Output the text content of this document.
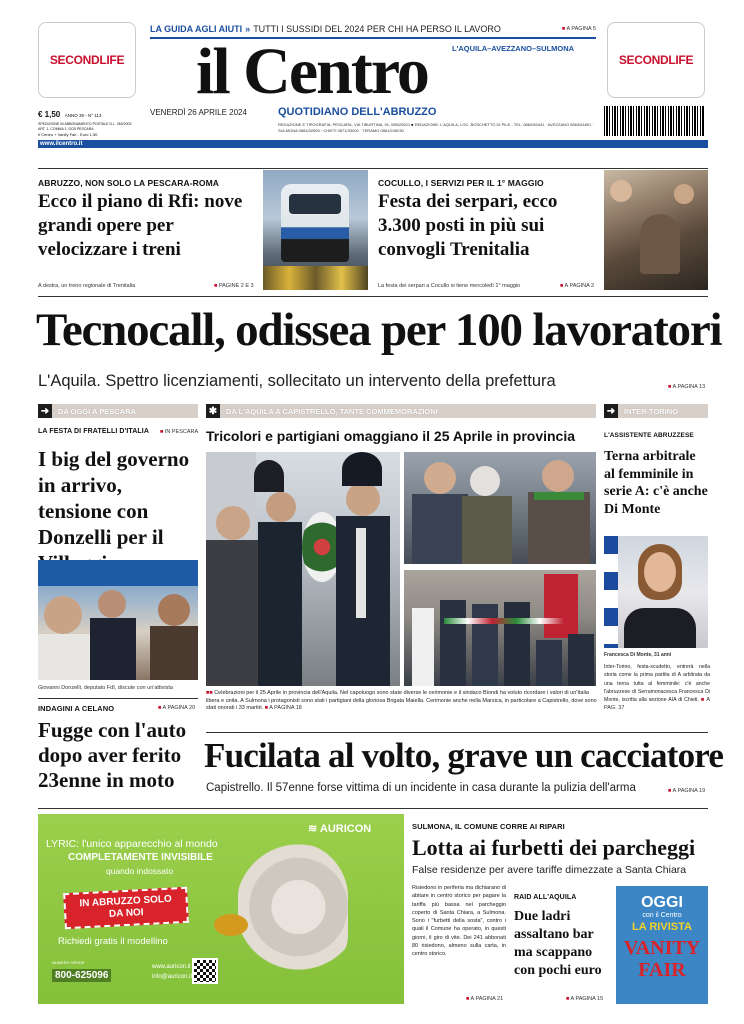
SECONDLIFE	SECONDLIFE
LA GUIDA AGLI AIUTI » TUTTI I SUSSIDI DEL 2024 PER CHI HA PERSO IL LAVORO	■ A PAGINA 5
il Centro	L'AQUILA–AVEZZANO–SULMONA
VENERDÌ 26 APRILE 2024	QUOTIDIANO DELL'ABRUZZO
REDAZIONE E TIPOGRAFIA: PESCARA, VIA TIBURTINA, 91, 085/20521 ■ REDAZIONE: L'AQUILA, LOC. BOSCHETTO DI PILE - TEL. 0862/60441 · AVEZZANO 0863/44801 · SULMONA 0864/32500 · CHIETI 0871/33200 · TERAMO 0861/245230
€ 1,50 ANNO 39 - N° 113
SPEDIZIONE IN ABBONAMENTO POSTALE D.L. 353/2003
ART. 1, COMMA 1, DCB PESCARA
Il Centro + Vanity Fair - Euro 1,50
www.ilcentro.it
ABRUZZO, NON SOLO LA PESCARA-ROMA
Ecco il piano di Rfi: nove grandi opere per velocizzare i treni
A destra, un treno regionale di Trenitalia	■ PAGINE 2 E 3
COCULLO, I SERVIZI PER IL 1° MAGGIO
Festa dei serpari, ecco 3.300 posti in più sui convogli Trenitalia
La festa dei serpari a Cocullo si tiene mercoledì 1° maggio	■ A PAGINA 2
Tecnocall, odissea per 100 lavoratori
L'Aquila. Spettro licenziamenti, sollecitato un intervento della prefettura	■ A PAGINA 13
➜	DA OGGI A PESCARA
LA FESTA DI FRATELLI D'ITALIA	■ IN PESCARA
I big del governo in arrivo, tensione con Donzelli per il
Giovanni Donzelli, deputato FdI, discute con un'attivista
INDAGINI A CELANO	■ A PAGINA 20
Fugge con l'auto dopo aver ferito 23enne in moto
✱	DA L'AQUILA A CAPISTRELLO, TANTE COMMEMORAZIONI
Tricolori e partigiani omaggiano il 25 Aprile in provincia
■■ Celebrazioni per il 25 Aprile in provincia dell'Aquila. Nel capoluogo sono state diverse le cerimonie e il sindaco Biondi ha voluto ricordare i valori di un'Italia libera e unita. A Sulmona i protagonisti sono stati i partigiani della gloriosa Brigata Maiella. Cerimonie anche nella Marsica, in particolare a Capistrello, dove sono stati onorati i 33 martiri. ■ A PAGINA 18
➜	INTER-TORINO
L'ASSISTENTE ABRUZZESE
Terna arbitrale al femminile in serie A: c'è anche Di Monte
Francesca Di Monte, 31 anni
Inter-Torino, festa-scudetto, entrerà nella storia come la prima partita di A arbitrata da una terna tutta al femminile: c'è anche l'abruzzese di Serramonacesca Francesca Di Monte, iscritta alla sezione AIA di Chieti. ■ A PAG. 37
Fucilata al volto, grave un cacciatore
Capistrello. Il 57enne forse vittima di un incidente in casa durante la pulizia dell'arma	■ A PAGINA 19
LYRIC: l'unico apparecchio al mondo
COMPLETAMENTE INVISIBILE
quando indossato
IN ABRUZZO SOLO DA NOI
Richiedi gratis il modellino
≋ AURICON
NUMERO VERDE
800-625096
www.auricon.it
info@auricon.it
SULMONA, IL COMUNE CORRE AI RIPARI
Lotta ai furbetti dei parcheggi
False residenze per avere tariffe dimezzate a Santa Chiara
Risiedono in periferia ma dichiarano di abitare in centro storico per pagare la tariffa più bassa nel parcheggio coperto di Santa Chiara, a Sulmona. Sono i "furbetti della sosta", contro i quali il Comune ha operato, in questi giorni, il giro di vite. Dei 241 abbonati 80 risiedono, almeno sulla carta, in centro storico.
■ A PAGINA 21
RAID ALL'AQUILA
Due ladri assaltano bar ma scappano con pochi euro
■ A PAGINA 15
OGGI
con il Centro
LA RIVISTA
VANITY
FAIR
